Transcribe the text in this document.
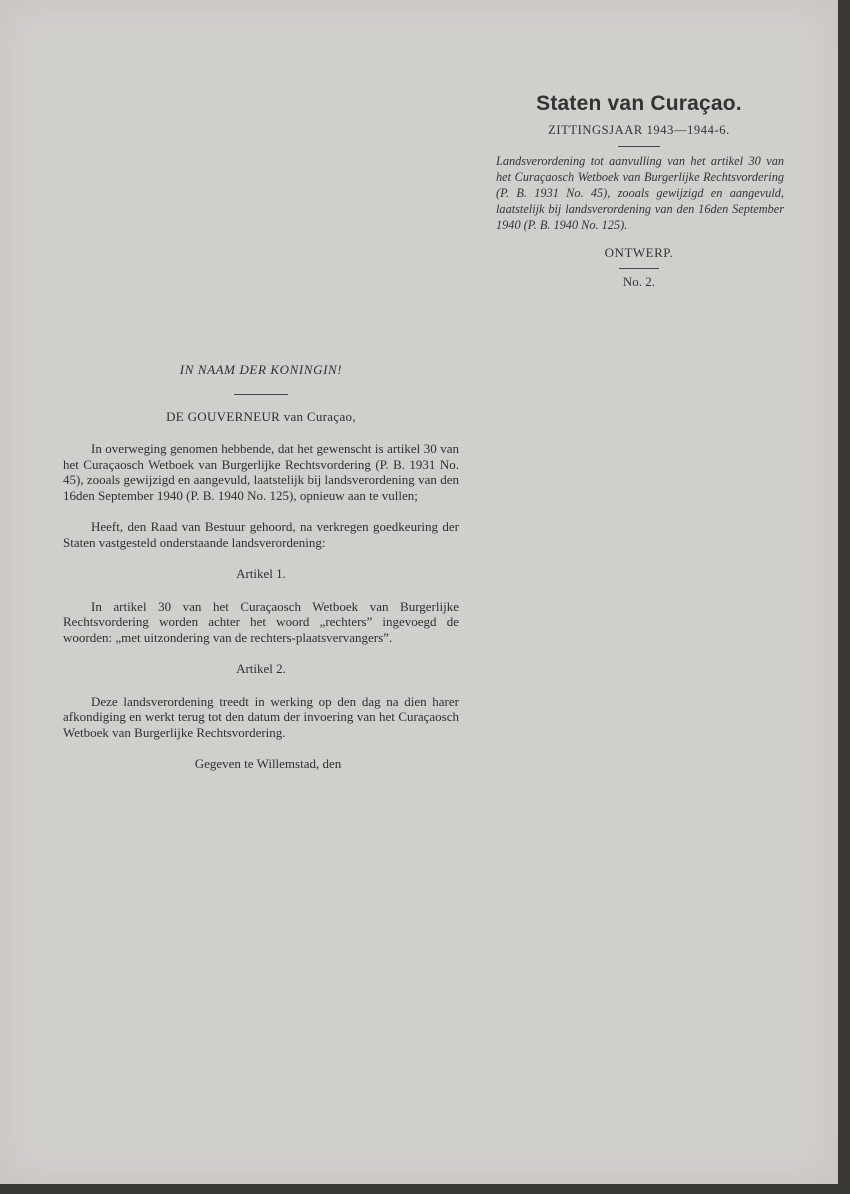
Staten van Curaçao.
ZITTINGSJAAR 1943—1944-6.

Landsverordening tot aanvulling van het artikel 30 van het Curaçaosch Wetboek van Burgerlijke Rechtsvordering (P. B. 1931 No. 45), zooals gewijzigd en aangevuld, laatstelijk bij landsverordening van den 16den September 1940 (P. B. 1940 No. 125).

ONTWERP.
No. 2.

IN NAAM DER KONINGIN!

DE GOUVERNEUR van Curaçao,

In overweging genomen hebbende, dat het gewenscht is artikel 30 van het Curaçaosch Wetboek van Burgerlijke Rechtsvordering (P. B. 1931 No. 45), zooals gewijzigd en aangevuld, laatstelijk bij landsverordening van den 16den September 1940 (P. B. 1940 No. 125), opnieuw aan te vullen;

Heeft, den Raad van Bestuur gehoord, na verkregen goedkeuring der Staten vastgesteld onderstaande landsverordening:

Artikel 1.

In artikel 30 van het Curaçaosch Wetboek van Burgerlijke Rechtsvordering worden achter het woord „rechters” ingevoegd de woorden: „met uitzondering van de rechters-plaatsvervangers”.

Artikel 2.

Deze landsverordening treedt in werking op den dag na dien harer afkondiging en werkt terug tot den datum der invoering van het Curaçaosch Wetboek van Burgerlijke Rechtsvordering.

Gegeven te Willemstad, den
